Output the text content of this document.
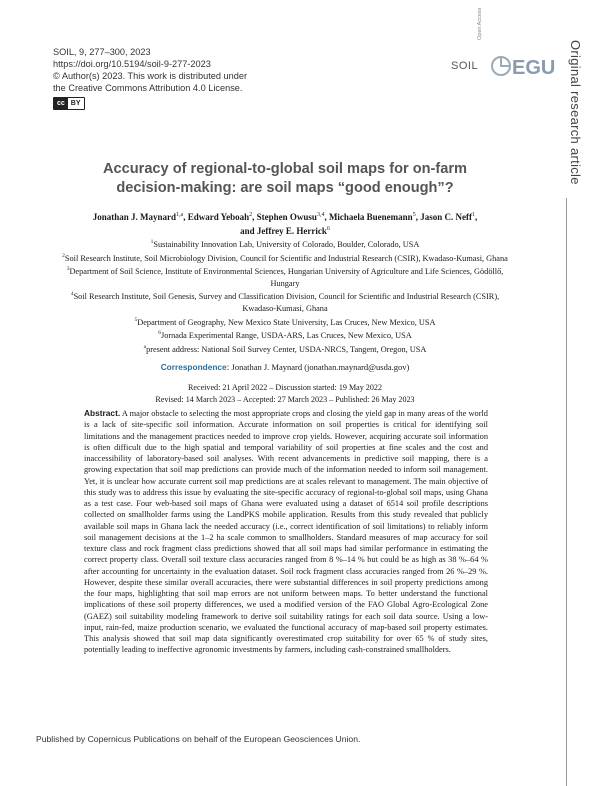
SOIL, 9, 277–300, 2023
https://doi.org/10.5194/soil-9-277-2023
© Author(s) 2023. This work is distributed under
the Creative Commons Attribution 4.0 License.
cc BY
SOIL
Open Access
EGU Original research article
Accuracy of regional-to-global soil maps for on-farm
decision-making: are soil maps “good enough”?
Jonathan J. Maynard$^{1,a}$, Edward Yeboah$^2$, Stephen Owusu$^{3,4}$, Michaela Buenemann$^5$, Jason C. Neff$^1$,
and Jeffrey E. Herrick$^6$
$^1$Sustainability Innovation Lab, University of Colorado, Boulder, Colorado, USA
$^2$Soil Research Institute, Soil Microbiology Division, Council for Scientific and Industrial Research (CSIR), Kwadaso-Kumasi, Ghana
$^3$Department of Soil Science, Institute of Environmental Sciences, Hungarian University of Agriculture and Life Sciences, Gödöllő, Hungary
$^4$Soil Research Institute, Soil Genesis, Survey and Classification Division, Council for Scientific and Industrial Research (CSIR), Kwadaso-Kumasi, Ghana
$^5$Department of Geography, New Mexico State University, Las Cruces, New Mexico, USA
$^6$Jornada Experimental Range, USDA-ARS, Las Cruces, New Mexico, USA
$^a$present address: National Soil Survey Center, USDA-NRCS, Tangent, Oregon, USA
Correspondence: Jonathan J. Maynard (jonathan.maynard@usda.gov)
Received: 21 April 2022 – Discussion started: 19 May 2022
Revised: 14 March 2023 – Accepted: 27 March 2023 – Published: 26 May 2023
Abstract. A major obstacle to selecting the most appropriate crops and closing the yield gap in many areas of the world is a lack of site-specific soil information. Accurate information on soil properties is critical for identifying soil limitations and the management practices needed to improve crop yields. However, acquiring accurate soil information is often difficult due to the high spatial and temporal variability of soil properties at fine scales and the cost and inaccessibility of laboratory-based soil analyses. With recent advancements in predictive soil mapping, there is a growing expectation that soil map predictions can provide much of the information needed to inform soil management. Yet, it is unclear how accurate current soil map predictions are at scales relevant to management. The main objective of this study was to address this issue by evaluating the site-specific accuracy of regional-to-global soil maps, using Ghana as a test case. Four web-based soil maps of Ghana were evaluated using a dataset of 6514 soil profile descriptions collected on smallholder farms using the LandPKS mobile application. Results from this study revealed that publicly available soil maps in Ghana lack the needed accuracy (i.e., correct identification of soil limitations) to reliably inform soil management decisions at the 1–2 ha scale common to smallholders. Standard measures of map accuracy for soil texture class and rock fragment class predictions showed that all soil maps had similar performance in estimating the correct property class. Overall soil texture class accuracies ranged from 8 %–14 % but could be as high as 38 %–64 % after accounting for uncertainty in the evaluation dataset. Soil rock fragment class accuracies ranged from 26 %–29 %. However, despite these similar overall accuracies, there were substantial differences in soil property predictions among the four maps, highlighting that soil map errors are not uniform between maps. To better understand the functional implications of these soil property differences, we used a modified version of the FAO Global Agro-Ecological Zone (GAEZ) soil suitability modeling framework to derive soil suitability ratings for each soil data source. Using a low-input, rain-fed, maize production scenario, we evaluated the functional accuracy of map-based soil property estimates. This analysis showed that soil map data significantly overestimated crop suitability for over 65 % of study sites, potentially leading to ineffective agronomic investments by farmers, including cash-constrained smallholders.
Published by Copernicus Publications on behalf of the European Geosciences Union.
